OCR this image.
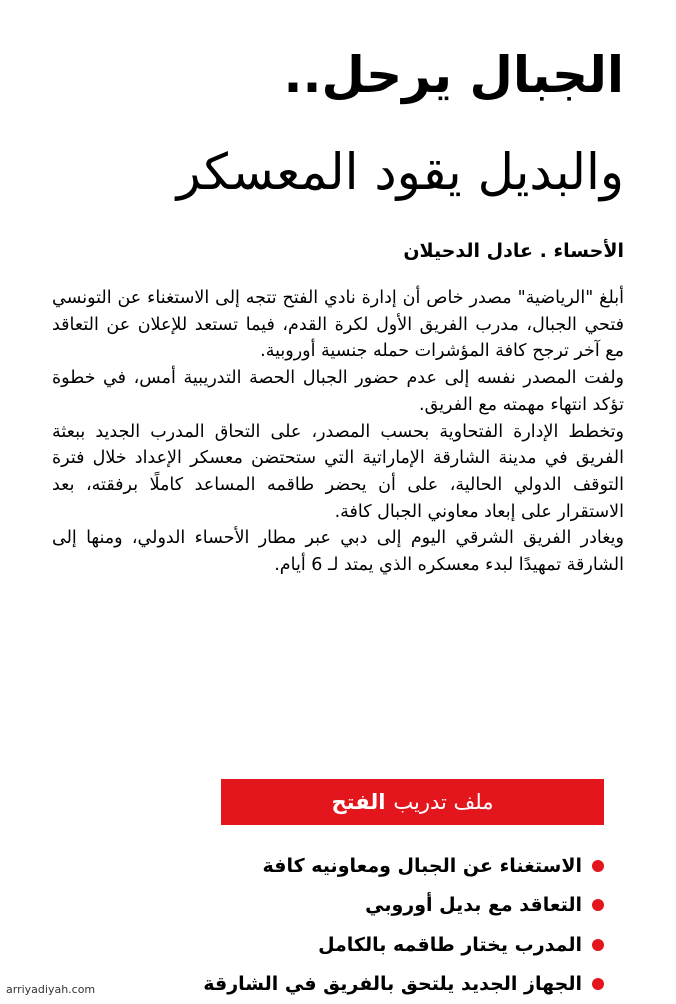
الجبال يرحل..
والبديل يقود المعسكر
الأحساء . عادل الدحيلان

أبلغ "الرياضية" مصدر خاص أن إدارة نادي الفتح تتجه إلى الاستغناء عن التونسي فتحي الجبال، مدرب الفريق الأول لكرة القدم، فيما تستعد للإعلان عن التعاقد مع آخر ترجح كافة المؤشرات حمله جنسية أوروبية.

ولفت المصدر نفسه إلى عدم حضور الجبال الحصة التدريبية أمس، في خطوة تؤكد انتهاء مهمته مع الفريق.

وتخطط الإدارة الفتحاوية بحسب المصدر، على التحاق المدرب الجديد ببعثة الفريق في مدينة الشارقة الإماراتية التي ستحتضن معسكر الإعداد خلال فترة التوقف الدولي الحالية، على أن يحضر طاقمه المساعد كاملًا برفقته، بعد الاستقرار على إبعاد معاوني الجبال كافة.

ويغادر الفريق الشرقي اليوم إلى دبي عبر مطار الأحساء الدولي، ومنها إلى الشارقة تمهيدًا لبدء معسكره الذي يمتد لـ 6 أيام.

ملف تدريب
الفتح
الاستغناء عن الجبال ومعاونيه كافة
التعاقد مع بديل أوروبي
المدرب يختار طاقمه بالكامل
الجهاز الجديد يلتحق بالفريق في الشارقة
arriyadiyah.com
